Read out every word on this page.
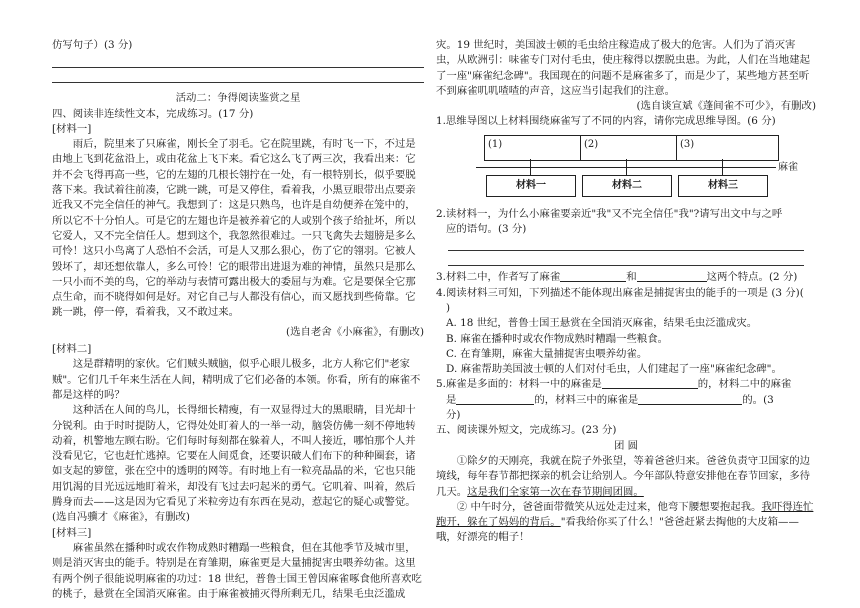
仿写句子）(3 分)

活动二：争得阅读鉴赏之星

四、阅读非连续性文本，完成练习。(17 分)

[材料一]

雨后，院里来了只麻雀，刚长全了羽毛。它在院里跳，有时飞一下，不过是由地上飞到花盆沿上，或由花盆上飞下来。看它这么飞了两三次，我看出来：它并不会飞得再高一些，它的左翅的几根长翎拧在一处，有一根特别长，似乎要脱落下来。我试着往前凑，它跳一跳，可是又停住，看着我，小黑豆眼带出点要亲近我又不完全信任的神气。我想到了：这是只熟鸟，也许是自幼便养在笼中的，所以它不十分怕人。可是它的左翅也许是被养着它的人或别个孩子给扯坏，所以它爱人，又不完全信任人。想到这个，我忽然很难过。一只飞禽失去翅膀是多么可怜！这只小鸟离了人恐怕不会活，可是人又那么狠心，伤了它的翎羽。它被人毁坏了，却还想依靠人，多么可怜！它的眼带出进退为难的神情，虽然只是那么一只小而不美的鸟，它的举动与表情可露出极大的委屈与为难。它是要保全它那点生命，而不晓得如何是好。对它自己与人都没有信心，而又愿找到些倚靠。它跳一跳，停一停，看着我，又不敢过来。

(选自老舍《小麻雀》，有删改)

[材料二]

这是群精明的家伙。它们贼头贼脑，似乎心眼儿极多，北方人称它们"老家贼"。它们几千年来生活在人间，精明成了它们必备的本领。你看，所有的麻雀不都是这样的吗？

这种活在人间的鸟儿，长得细长精瘦，有一双显得过大的黑眼睛，目光却十分锐利。由于时时提防人，它得处处盯着人的一举一动，脑袋仿佛一刻不停地转动着，机警地左顾右盼。它们每时每刻都在躲着人，不叫人接近，哪怕那个人并没看见它，它也赶忙逃掉。它要在人间觅食，还要识破人们布下的种种圈套，诸如支起的箩筐，张在空中的透明的网等。有时地上有一粒亮晶晶的米，它也只能用饥渴的目光远远地盯着米，却没有飞过去叼起米的勇气。它叽着、叫着，然后腾身而去——这是因为它看见了米粒旁边有东西在晃动，惹起它的疑心或警觉。(选自冯骥才《麻雀》，有删改)

[材料三]

麻雀虽然在播种时或农作物成熟时糟蹋一些粮食，但在其他季节及城市里，则是消灭害虫的能手。特别是在育雏期，麻雀更是大量捕捉害虫喂养幼雀。这里有两个例子很能说明麻雀的功过：18 世纪，普鲁士国王曾因麻雀啄食他所喜欢吃的桃子，悬赏在全国消灭麻雀。由于麻雀被捕灭得所剩无几，结果毛虫泛滥成

灾。19 世纪时，美国波士顿的毛虫给庄稼造成了极大的危害。人们为了消灭害虫，从欧洲引：味雀专门对付毛虫，使庄稼得以摆脱虫患。为此，人们在当地建起了一座"麻雀纪念碑"。我国现在的问题不是麻雀多了，而是少了，某些地方甚至听不到麻雀叽叽喳喳的声音，这应当引起我们的注意。

(选自谈宣斌《蓬间雀不可少》，有删改)

1.思维导图以上材料围绕麻雀写了不同的内容，请你完成思维导图。(6 分)

(1)	(2)	(3)
麻雀
材料一	材料二	材料三

2.读材料一，为什么小麻雀要亲近"我"又不完全信任"我"?请写出文中与之呼

应的语句。(3 分)

3.材料二中，作者写了麻雀	和	这两个特点。(2 分)

4.阅读材料三可知，下列描述不能体现出麻雀是捕捉害虫的能手的一项是 (3 分)(

)

A. 18 世纪，普鲁士国王悬赏在全国消灭麻雀，结果毛虫泛滥成灾。

B. 麻雀在播种时或农作物成熟时糟蹋一些粮食。

C. 在育雏期，麻雀大量捕捉害虫喂养幼雀。

D. 麻雀帮助美国波士顿的人们对付毛虫，人们建起了一座"麻雀纪念碑"。

5.麻雀是多面的：材料一中的麻雀是	的，材料二中的麻雀

是	的，材料三中的麻雀是	的。(3

分)

五、阅读课外短文，完成练习。(23 分)

团 圆

①除夕的天刚亮，我就在院子外张望，等着爸爸归来。爸爸负责守卫国家的边境线，每年春节都把探亲的机会让给别人。今年部队特意安排他在春节回家，多待几天。这是我们全家第一次在春节期间团圆。

② 中午时分，爸爸面带微笑从远处走过来，他弯下腰想要抱起我。我吓得连忙跑开，躲在了妈妈的背后。"看我给你买了什么！"爸爸赶紧去掏他的大皮箱——哦，好漂亮的帽子！
